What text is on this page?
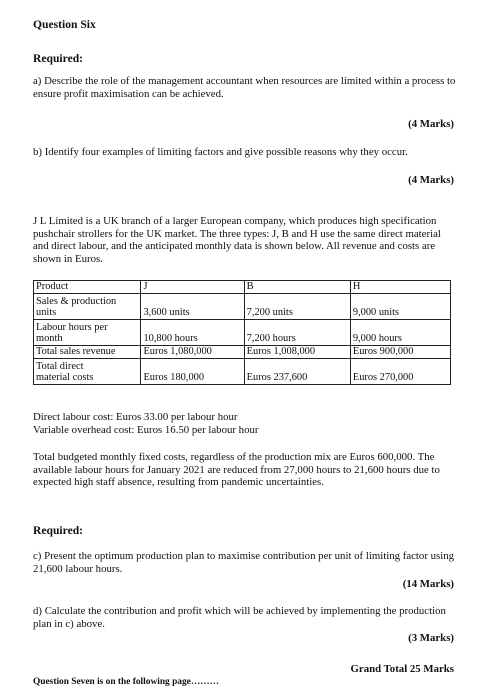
Question Six
Required:
a) Describe the role of the management accountant when resources are limited within a process to ensure profit maximisation can be achieved.
(4 Marks)
b) Identify four examples of limiting factors and give possible reasons why they occur.
(4 Marks)
J L Limited is a UK branch of a larger European company, which produces high specification pushchair strollers for the UK market. The three types: J, B and H use the same direct material and direct labour, and the anticipated monthly data is shown below. All revenue and costs are shown in Euros.
Product	J	B	H

Sales & production
units	3,600 units	7,200 units	9,000 units

Labour hours per
month	10,800 hours	7,200 hours	9,000 hours
Total sales revenue	Euros 1,080,000	Euros 1,008,000	Euros 900,000

Total direct
material costs	Euros 180,000	Euros 237,600	Euros 270,000
Direct labour cost: Euros 33.00 per labour hour
Variable overhead cost: Euros 16.50 per labour hour
Total budgeted monthly fixed costs, regardless of the production mix are Euros 600,000. The available labour hours for January 2021 are reduced from 27,000 hours to 21,600 hours due to expected high staff absence, resulting from pandemic uncertainties.
Required:
c) Present the optimum production plan to maximise contribution per unit of limiting factor using 21,600 labour hours.
(14 Marks)
d) Calculate the contribution and profit which will be achieved by implementing the production plan in c) above.
(3 Marks)
Grand Total 25 Marks
Question Seven is on the following page………
